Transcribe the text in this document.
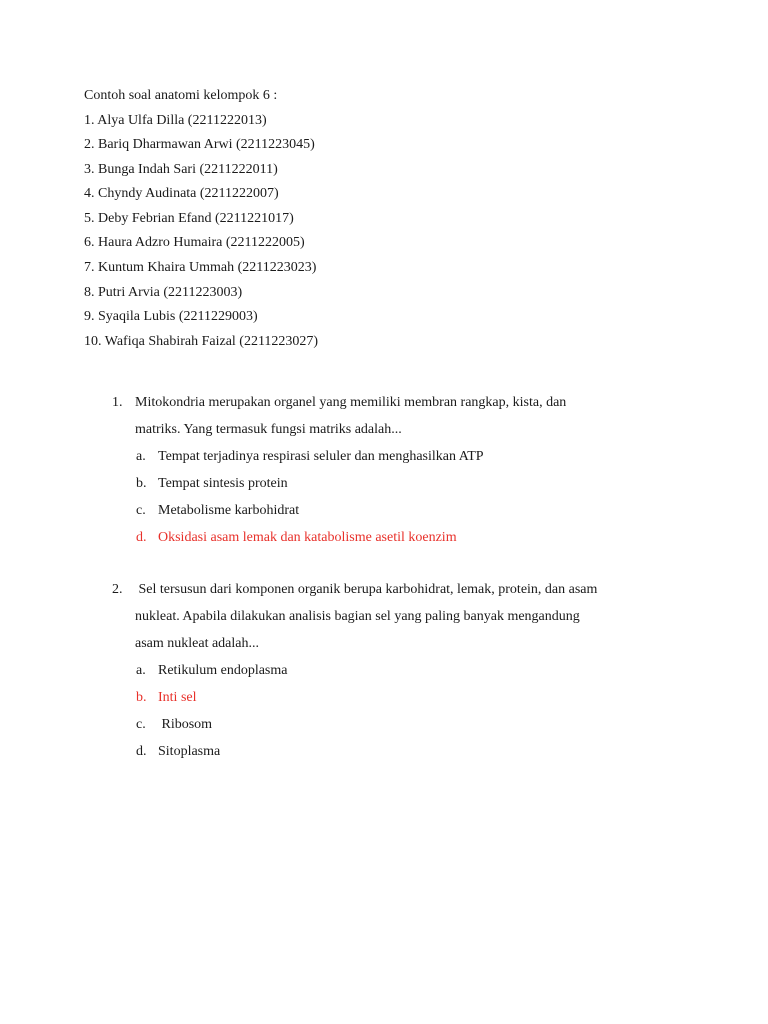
Contoh soal anatomi kelompok 6 :
1. Alya Ulfa Dilla (2211222013)
2. Bariq Dharmawan Arwi (2211223045)
3. Bunga Indah Sari (2211222011)
4. Chyndy Audinata (2211222007)
5. Deby Febrian Efand (2211221017)
6. Haura Adzro Humaira (2211222005)
7. Kuntum Khaira Ummah (2211223023)
8. Putri Arvia (2211223003)
9. Syaqila Lubis (2211229003)
10. Wafiqa Shabirah Faizal (2211223027)
1. Mitokondria merupakan organel yang memiliki membran rangkap, kista, dan
matriks. Yang termasuk fungsi matriks adalah...
a. Tempat terjadinya respirasi seluler dan menghasilkan ATP
b. Tempat sintesis protein
c. Metabolisme karbohidrat
d. Oksidasi asam lemak dan katabolisme asetil koenzim
2. Sel tersusun dari komponen organik berupa karbohidrat, lemak, protein, dan asam
nukleat. Apabila dilakukan analisis bagian sel yang paling banyak mengandung
asam nukleat adalah...
a. Retikulum endoplasma
b. Inti sel
c. Ribosom
d. Sitoplasma
